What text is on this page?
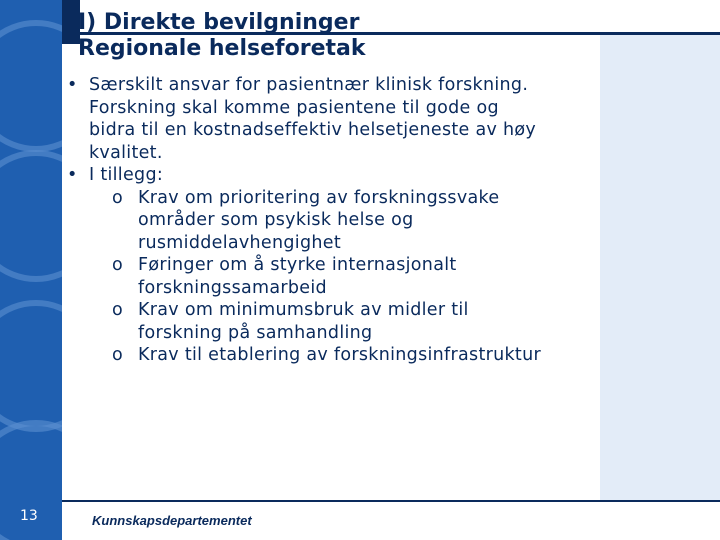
I) Direkte bevilgninger
Regionale helseforetak
• Særskilt ansvar for pasientnær klinisk forskning.
Forskning skal komme pasientene til gode og
bidra til en kostnadseffektiv helsetjeneste av høy
kvalitet.
• I tillegg:
o Krav om prioritering av forskningssvake
områder som psykisk helse og
rusmiddelavhengighet
o Føringer om å styrke internasjonalt
forskningssamarbeid
o Krav om minimumsbruk av midler til
forskning på samhandling
o Krav til etablering av forskningsinfrastruktur
13	Kunnskapsdepartementet
